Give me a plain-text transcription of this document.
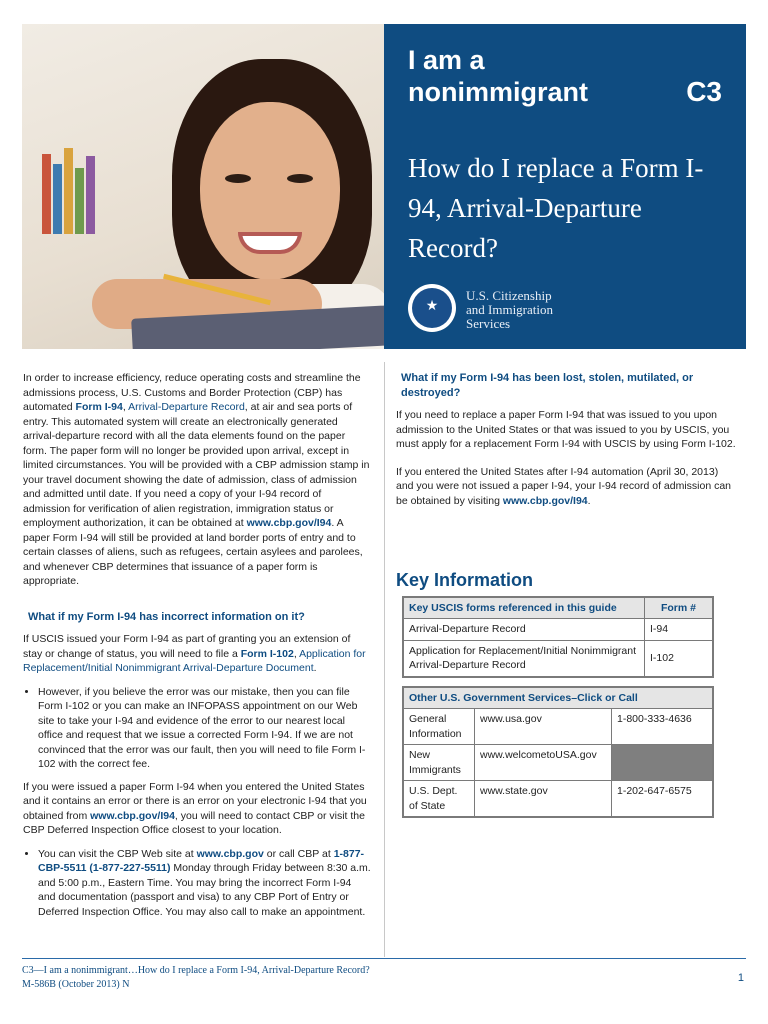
I am a
nonimmigrant	C3
How do I replace a Form I-94, Arrival-Departure Record?
★
U.S. Citizenship
and Immigration
Services

In order to increase efficiency, reduce operating costs and streamline the admissions process, U.S. Customs and Border Protection (CBP) has automated Form I-94, Arrival-Departure Record, at air and sea ports of entry. This automated system will create an electronically generated arrival-departure record with all the data elements found on the paper form. The paper form will no longer be provided upon arrival, except in limited circumstances. You will be provided with a CBP admission stamp in your travel document showing the date of admission, class of admission and admitted until date. If you need a copy of your I-94 record of admission for verification of alien registration, immigration status or employment authorization, it can be obtained at www.cbp.gov/I94. A paper Form I-94 will still be provided at land border ports of entry and to certain classes of aliens, such as refugees, certain asylees and parolees, and whenever CBP determines that issuance of a paper form is appropriate.

What if my Form I-94 has incorrect information on it?

If USCIS issued your Form I-94 as part of granting you an extension of stay or change of status, you will need to file a Form I-102, Application for Replacement/Initial Nonimmigrant Arrival-Departure Document.

• However, if you believe the error was our mistake, then you can file Form I-102 or you can make an INFOPASS appointment on our Web site to take your I-94 and evidence of the error to our nearest local office and request that we issue a corrected Form I-94. If we are not convinced that the error was our fault, then you will need to file Form I-102 with the correct fee.

If you were issued a paper Form I-94 when you entered the United States and it contains an error or there is an error on your electronic I-94 that you obtained from www.cbp.gov/I94, you will need to contact CBP or visit the CBP Deferred Inspection Office closest to your location.

• You can visit the CBP Web site at www.cbp.gov or call CBP at 1-877-CBP-5511 (1-877-227-5511) Monday through Friday between 8:30 a.m. and 5:00 p.m., Eastern Time. You may bring the incorrect Form I-94 and documentation (passport and visa) to any CBP Port of Entry or Deferred Inspection Office. You may also call to make an appointment.
What if my Form I-94 has been lost, stolen, mutilated, or destroyed?

If you need to replace a paper Form I-94 that was issued to you upon admission to the United States or that was issued to you by USCIS, you must apply for a replacement Form I-94 with USCIS by using Form I-102.

If you entered the United States after I-94 automation (April 30, 2013) and you were not issued a paper I-94, your I-94 record of admission can be obtained by visiting www.cbp.gov/I94.

Key Information
Key USCIS forms referenced in this guide	Form #
Arrival-Departure Record	I-94
Application for Replacement/Initial Nonimmigrant Arrival-Departure Record	I-102
Other U.S. Government Services–Click or Call		
General Information	www.usa.gov	1-800-333-4636
New Immigrants	www.welcometoUSA.gov	
U.S. Dept. of State	www.state.gov	1-202-647-6575
C3—I am a nonimmigrant…How do I replace a Form I-94, Arrival-Departure Record?
M-586B (October 2013) N
1
